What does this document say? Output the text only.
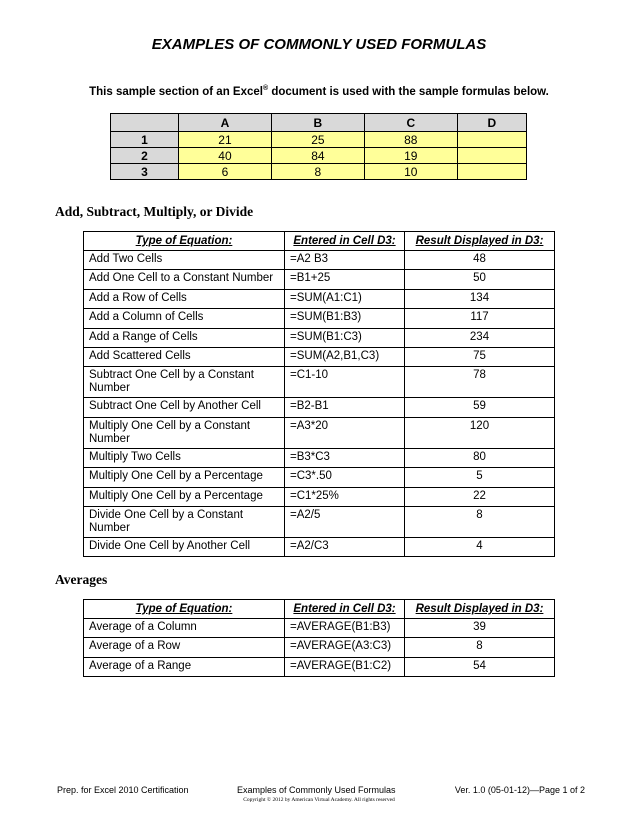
EXAMPLES OF COMMONLY USED FORMULAS
This sample section of an Excel® document is used with the sample formulas below.
	A	B	C	D
1	21	25	88	
2	40	84	19	
3	6	8	10	
Add, Subtract, Multiply, or Divide
Type of Equation:	Entered in Cell D3:	Result Displayed in D3:
Add Two Cells	=A2 B3	48
Add One Cell to a Constant Number	=B1+25	50
Add a Row of Cells	=SUM(A1:C1)	134
Add a Column of Cells	=SUM(B1:B3)	117
Add a Range of Cells	=SUM(B1:C3)	234
Add Scattered Cells	=SUM(A2,B1,C3)	75
Subtract One Cell by a Constant Number	=C1-10	78
Subtract One Cell by Another Cell	=B2-B1	59
Multiply One Cell by a Constant Number	=A3*20	120
Multiply Two Cells	=B3*C3	80
Multiply One Cell by a Percentage	=C3*.50	5
Multiply One Cell by a Percentage	=C1*25%	22
Divide One Cell by a Constant Number	=A2/5	8
Divide One Cell by Another Cell	=A2/C3	4
Averages
Type of Equation:	Entered in Cell D3:	Result Displayed in D3:
Average of a Column	=AVERAGE(B1:B3)	39
Average of a Row	=AVERAGE(A3:C3)	8
Average of a Range	=AVERAGE(B1:C2)	54
Prep. for Excel 2010 Certification	Examples of Commonly Used Formulas	Ver. 1.0 (05-01-12)—Page 1 of 2
Copyright © 2012 by American Virtual Academy. All rights reserved
